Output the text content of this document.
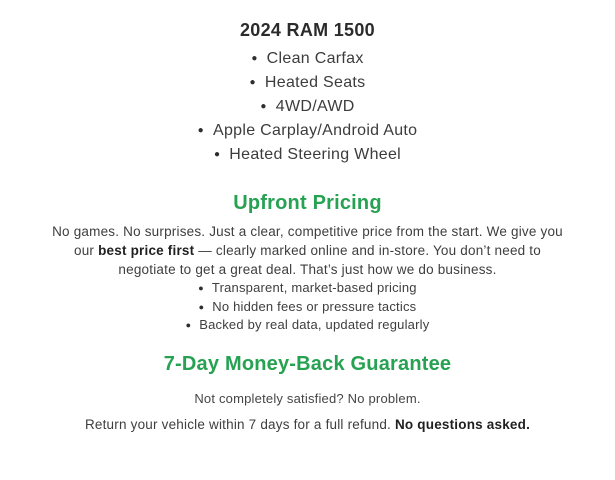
2024 RAM 1500
● Clean Carfax
● Heated Seats
● 4WD/AWD
● Apple Carplay/Android Auto
● Heated Steering Wheel
Upfront Pricing

No games. No surprises. Just a clear, competitive price from the start. We give you our best price first — clearly marked online and in-store. You don’t need to negotiate to get a great deal. That’s just how we do business.

● Transparent, market-based pricing
● No hidden fees or pressure tactics
● Backed by real data, updated regularly
7-Day Money-Back Guarantee

Not completely satisfied? No problem.

Return your vehicle within 7 days for a full refund. No questions asked.
